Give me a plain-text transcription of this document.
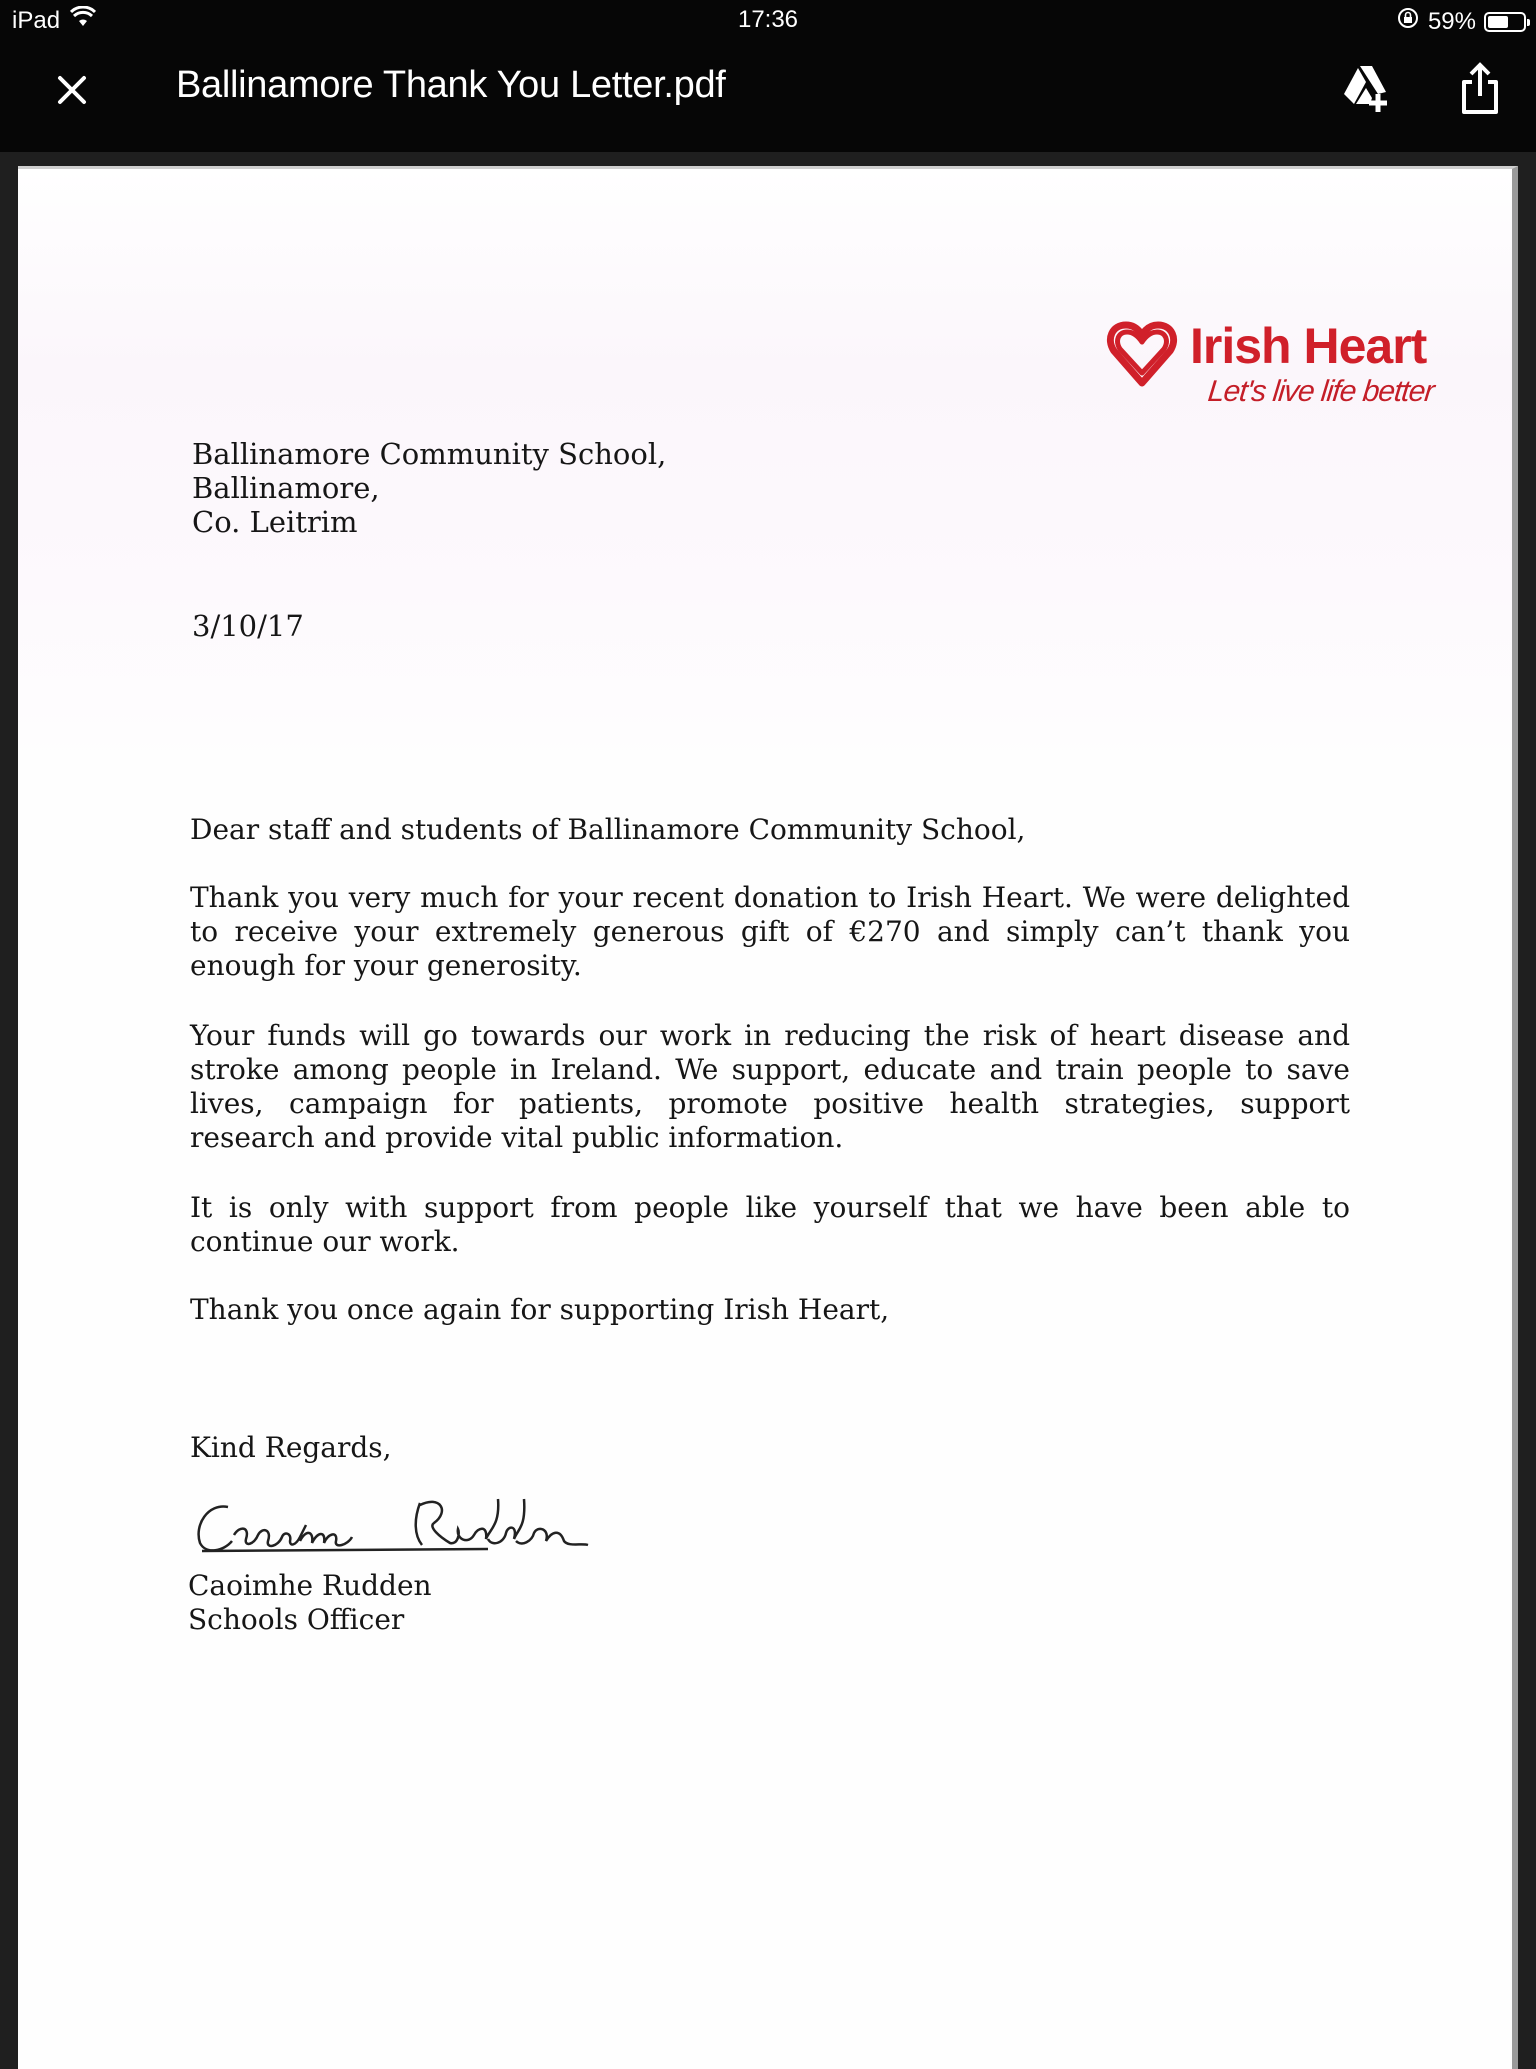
iPad	17:36	59%
Ballinamore Thank You Letter.pdf
Irish Heart
Let's live life better
Ballinamore Community School,
Ballinamore,
Co. Leitrim
3/10/17
Dear staff and students of Ballinamore Community School,
Thank you very much for your recent donation to Irish Heart. We were delighted to receive your extremely generous gift of €270 and simply can’t thank you enough for your generosity.
Your funds will go towards our work in reducing the risk of heart disease and stroke among people in Ireland. We support, educate and train people to save lives, campaign for patients, promote positive health strategies, support research and provide vital public information.
It is only with support from people like yourself that we have been able to continue our work.
Thank you once again for supporting Irish Heart,
Kind Regards,
Caoimhe Rudden
Schools Officer
